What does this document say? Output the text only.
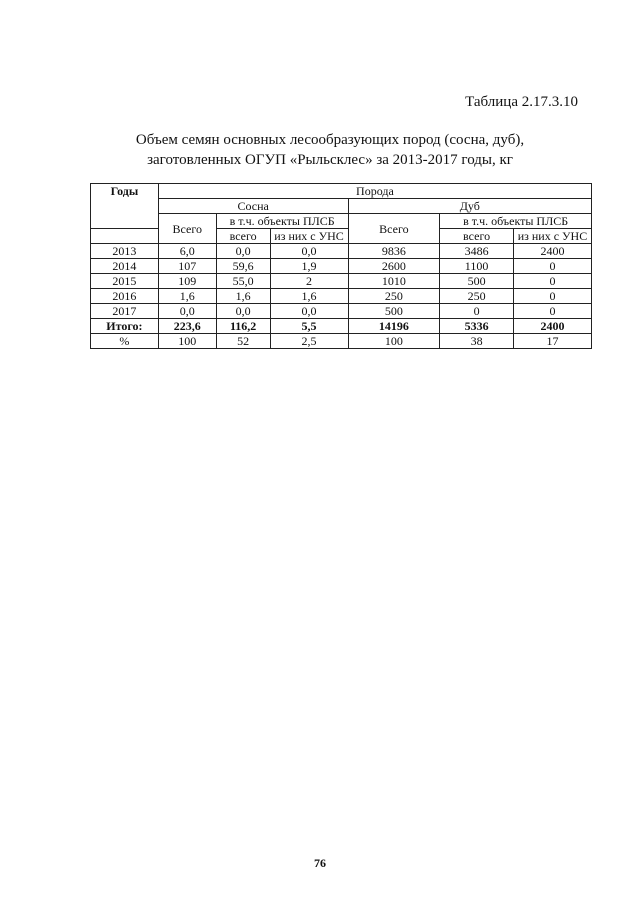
Таблица 2.17.3.10
Объем семян основных лесообразующих пород (сосна, дуб),
заготовленных ОГУП «Рыльсклес» за 2013-2017 годы, кг
Годы	Порода					
	Сосна			Дуб		
	Всего	в т.ч. объекты ПЛСБ		Всего	в т.ч. объекты ПЛСБ	
		всего	из них с УНС		всего	из них с УНС
2013	6,0	0,0	0,0	9836	3486	2400
2014	107	59,6	1,9	2600	1100	0
2015	109	55,0	2	1010	500	0
2016	1,6	1,6	1,6	250	250	0
2017	0,0	0,0	0,0	500	0	0
Итого:	223,6	116,2	5,5	14196	5336	2400
%	100	52	2,5	100	38	17
76
